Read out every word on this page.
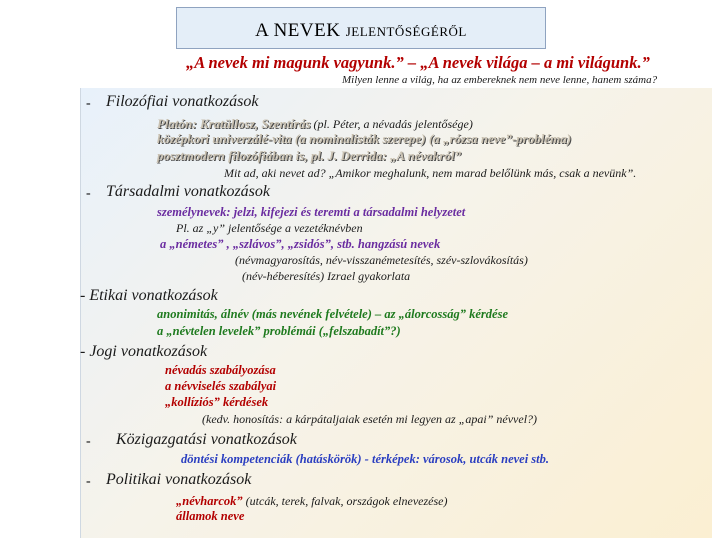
A NEVEK JELENTŐSÉGÉRŐL
„A nevek mi magunk vagyunk.” – „A nevek világa – a mi világunk.”
Milyen lenne a világ, ha az embereknek nem neve lenne, hanem száma?
- Filozófiai vonatkozások
Platón: Kratüllosz, Szentírás (pl. Péter, a névadás jelentősége)
középkori univerzálé-vita (a nominalisták szerepe) (a „rózsa neve”-probléma)
posztmodern filozófiában is, pl. J. Derrida: „A névakról”
Mit ad, aki nevet ad? „Amikor meghalunk, nem marad belőlünk más, csak a nevünk”.
- Társadalmi vonatkozások
személynevek: jelzi, kifejezi és teremti a társadalmi helyzetet
Pl. az „y” jelentősége a vezetéknévben
a „németes” , „szlávos”, „zsidós”, stb. hangzású nevek
(névmagyarosítás, név-visszanémetesítés, szév-szlovákosítás)
(név-héberesítés) Izrael gyakorlata
- Etikai vonatkozások
anonimitás, álnév (más nevének felvétele) – az „álorcosság” kérdése
a „névtelen levelek” problémái („felszabadít”?)
- Jogi vonatkozások
névadás szabályozása
a névviselés szabályai
„kollíziós” kérdések
(kedv. honosítás: a kárpátaljaiak esetén mi legyen az „apai” névvel?)
- Közigazgatási vonatkozások
döntési kompetenciák (hatáskörök) - térképek: városok, utcák nevei stb.
- Politikai vonatkozások
„névharcok” (utcák, terek, falvak, országok elnevezése)
államok neve
